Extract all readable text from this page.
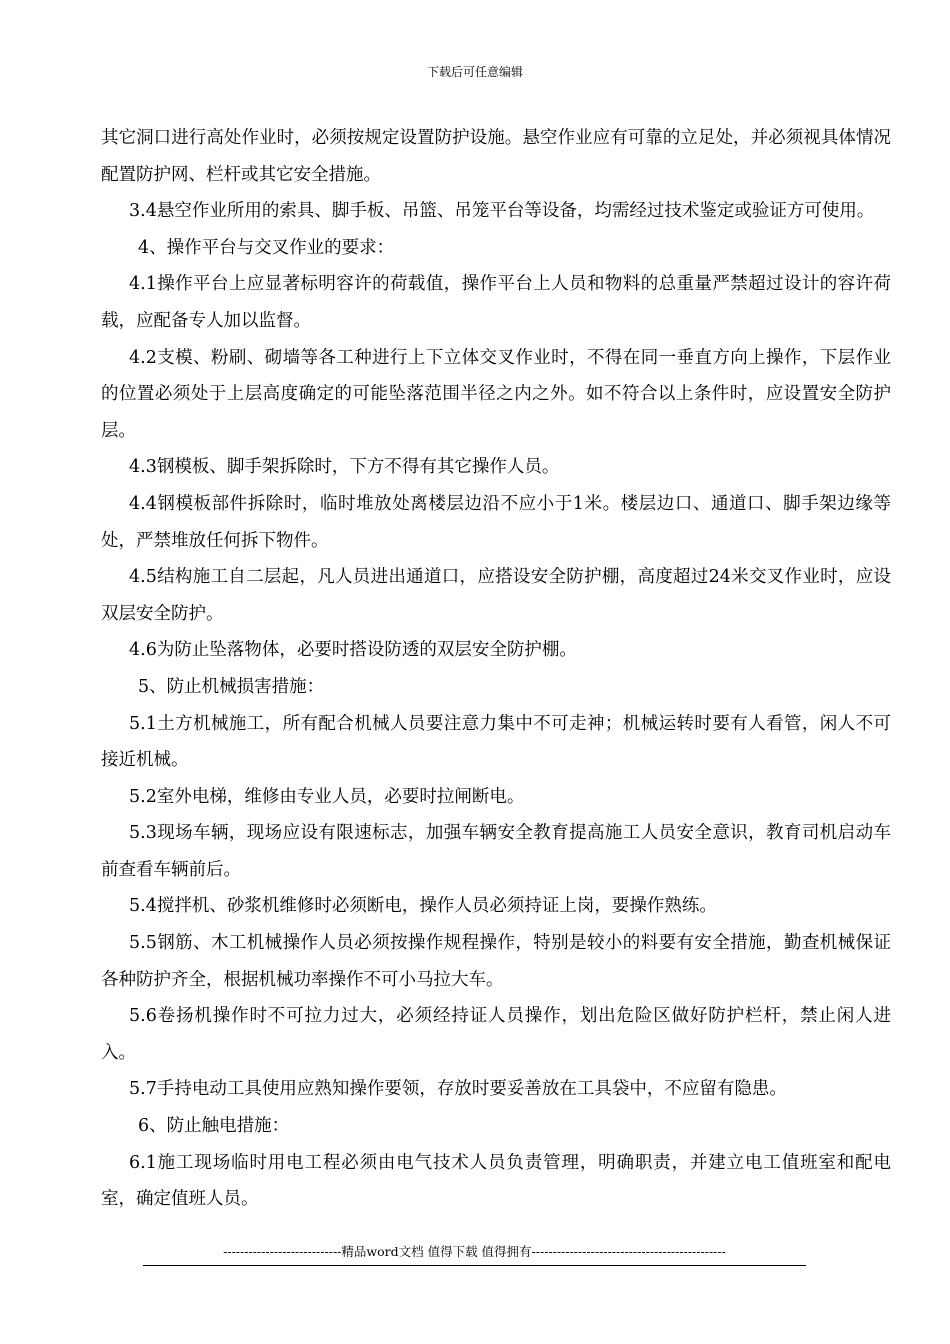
下载后可任意编辑

其它洞口进行高处作业时，必须按规定设置防护设施。悬空作业应有可靠的立足处，并必须视具体情况配置防护网、栏杆或其它安全措施。

3.4悬空作业所用的索具、脚手板、吊篮、吊笼平台等设备，均需经过技术鉴定或验证方可使用。

4、操作平台与交叉作业的要求：

4.1操作平台上应显著标明容许的荷载值，操作平台上人员和物料的总重量严禁超过设计的容许荷载，应配备专人加以监督。

4.2支模、粉刷、砌墙等各工种进行上下立体交叉作业时，不得在同一垂直方向上操作，下层作业的位置必须处于上层高度确定的可能坠落范围半径之内之外。如不符合以上条件时，应设置安全防护层。

4.3钢模板、脚手架拆除时，下方不得有其它操作人员。

4.4钢模板部件拆除时，临时堆放处离楼层边沿不应小于1米。楼层边口、通道口、脚手架边缘等处，严禁堆放任何拆下物件。

4.5结构施工自二层起，凡人员进出通道口，应搭设安全防护棚，高度超过24米交叉作业时，应设双层安全防护。

4.6为防止坠落物体，必要时搭设防透的双层安全防护棚。

5、防止机械损害措施：

5.1土方机械施工，所有配合机械人员要注意力集中不可走神；机械运转时要有人看管，闲人不可接近机械。

5.2室外电梯，维修由专业人员，必要时拉闸断电。

5.3现场车辆，现场应设有限速标志，加强车辆安全教育提高施工人员安全意识，教育司机启动车前查看车辆前后。

5.4搅拌机、砂浆机维修时必须断电，操作人员必须持证上岗，要操作熟练。

5.5钢筋、木工机械操作人员必须按操作规程操作，特别是较小的料要有安全措施，勤查机械保证各种防护齐全，根据机械功率操作不可小马拉大车。

5.6卷扬机操作时不可拉力过大，必须经持证人员操作，划出危险区做好防护栏杆，禁止闲人进入。

5.7手持电动工具使用应熟知操作要领，存放时要妥善放在工具袋中，不应留有隐患。

6、防止触电措施：

6.1施工现场临时用电工程必须由电气技术人员负责管理，明确职责，并建立电工值班室和配电室，确定值班人员。

----------------------------精品word文档 值得下载 值得拥有----------------------------------------------
